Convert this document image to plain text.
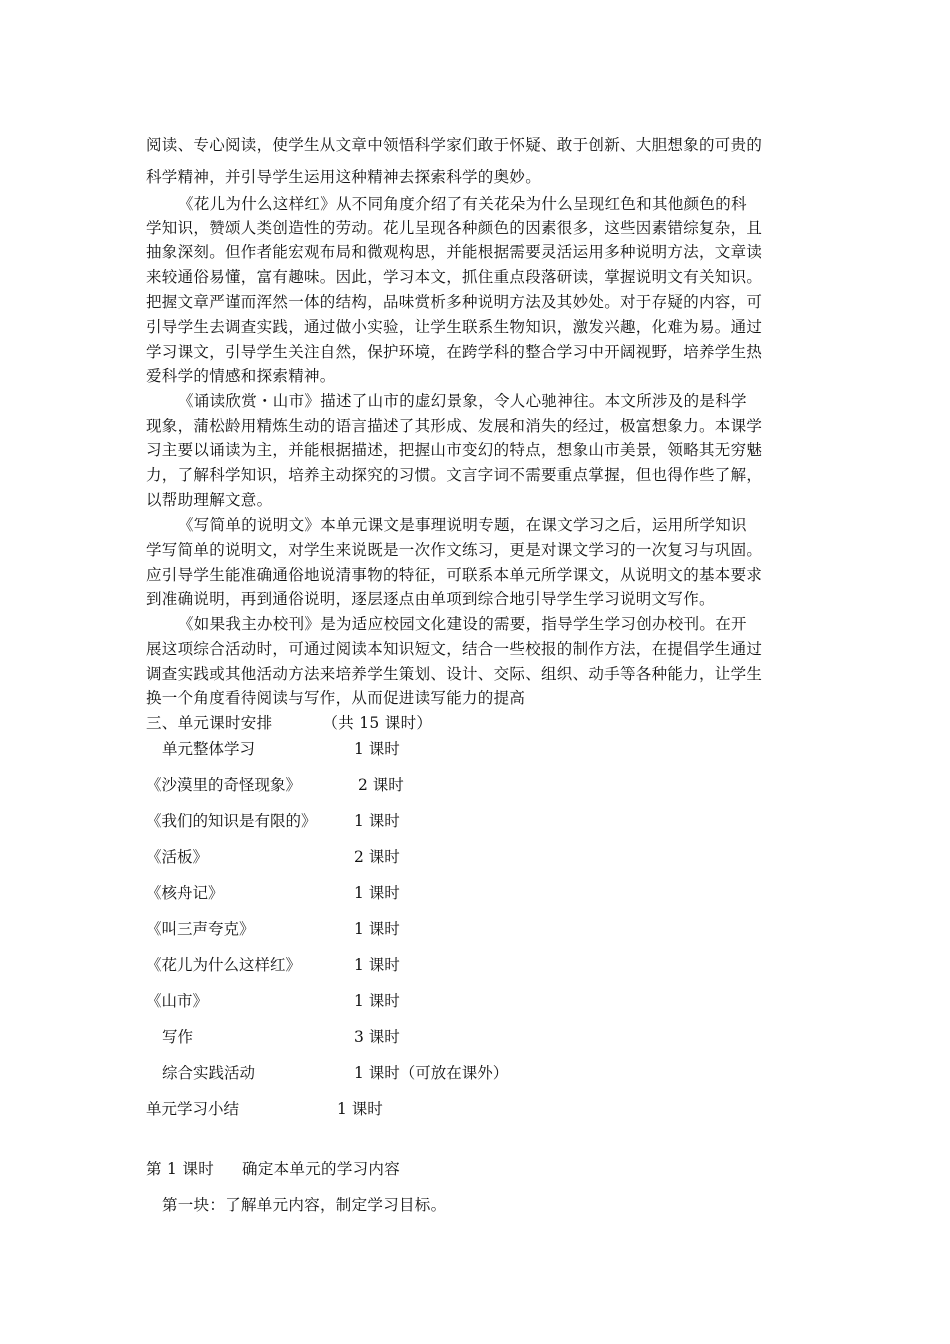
阅读、专心阅读，使学生从文章中领悟科学家们敢于怀疑、敢于创新、大胆想象的可贵的
科学精神，并引导学生运用这种精神去探索科学的奥妙。
《花儿为什么这样红》从不同角度介绍了有关花朵为什么呈现红色和其他颜色的科
学知识，赞颂人类创造性的劳动。花儿呈现各种颜色的因素很多，这些因素错综复杂，且
抽象深刻。但作者能宏观布局和微观构思，并能根据需要灵活运用多种说明方法，文章读
来较通俗易懂，富有趣味。因此，学习本文，抓住重点段落研读，掌握说明文有关知识。
把握文章严谨而浑然一体的结构，品味赏析多种说明方法及其妙处。对于存疑的内容，可
引导学生去调查实践，通过做小实验，让学生联系生物知识，激发兴趣，化难为易。通过
学习课文，引导学生关注自然，保护环境，在跨学科的整合学习中开阔视野，培养学生热
爱科学的情感和探索精神。
《诵读欣赏・山市》描述了山市的虚幻景象，令人心驰神往。本文所涉及的是科学
现象，蒲松龄用精炼生动的语言描述了其形成、发展和消失的经过，极富想象力。本课学
习主要以诵读为主，并能根据描述，把握山市变幻的特点，想象山市美景，领略其无穷魅
力，了解科学知识，培养主动探究的习惯。文言字词不需要重点掌握，但也得作些了解，
以帮助理解文意。
《写简单的说明文》本单元课文是事理说明专题，在课文学习之后，运用所学知识
学写简单的说明文，对学生来说既是一次作文练习，更是对课文学习的一次复习与巩固。
应引导学生能准确通俗地说清事物的特征，可联系本单元所学课文，从说明文的基本要求
到准确说明，再到通俗说明，逐层逐点由单项到综合地引导学生学习说明文写作。
《如果我主办校刊》是为适应校园文化建设的需要，指导学生学习创办校刊。在开
展这项综合活动时，可通过阅读本知识短文，结合一些校报的制作方法，在提倡学生通过
调查实践或其他活动方法来培养学生策划、设计、交际、组织、动手等各种能力，让学生
换一个角度看待阅读与写作，从而促进读写能力的提高
三、单元课时安排	（共 15 课时）
单元整体学习	1 课时
《沙漠里的奇怪现象》	2 课时
《我们的知识是有限的》 1 课时
《活板》	2 课时
《核舟记》	1 课时
《叫三声夸克》	1 课时
《花儿为什么这样红》	1 课时
《山市》	1 课时
写作	3 课时
综合实践活动	1 课时（可放在课外）
单元学习小结	1 课时
第 1 课时 确定本单元的学习内容
第一块：了解单元内容，制定学习目标。
